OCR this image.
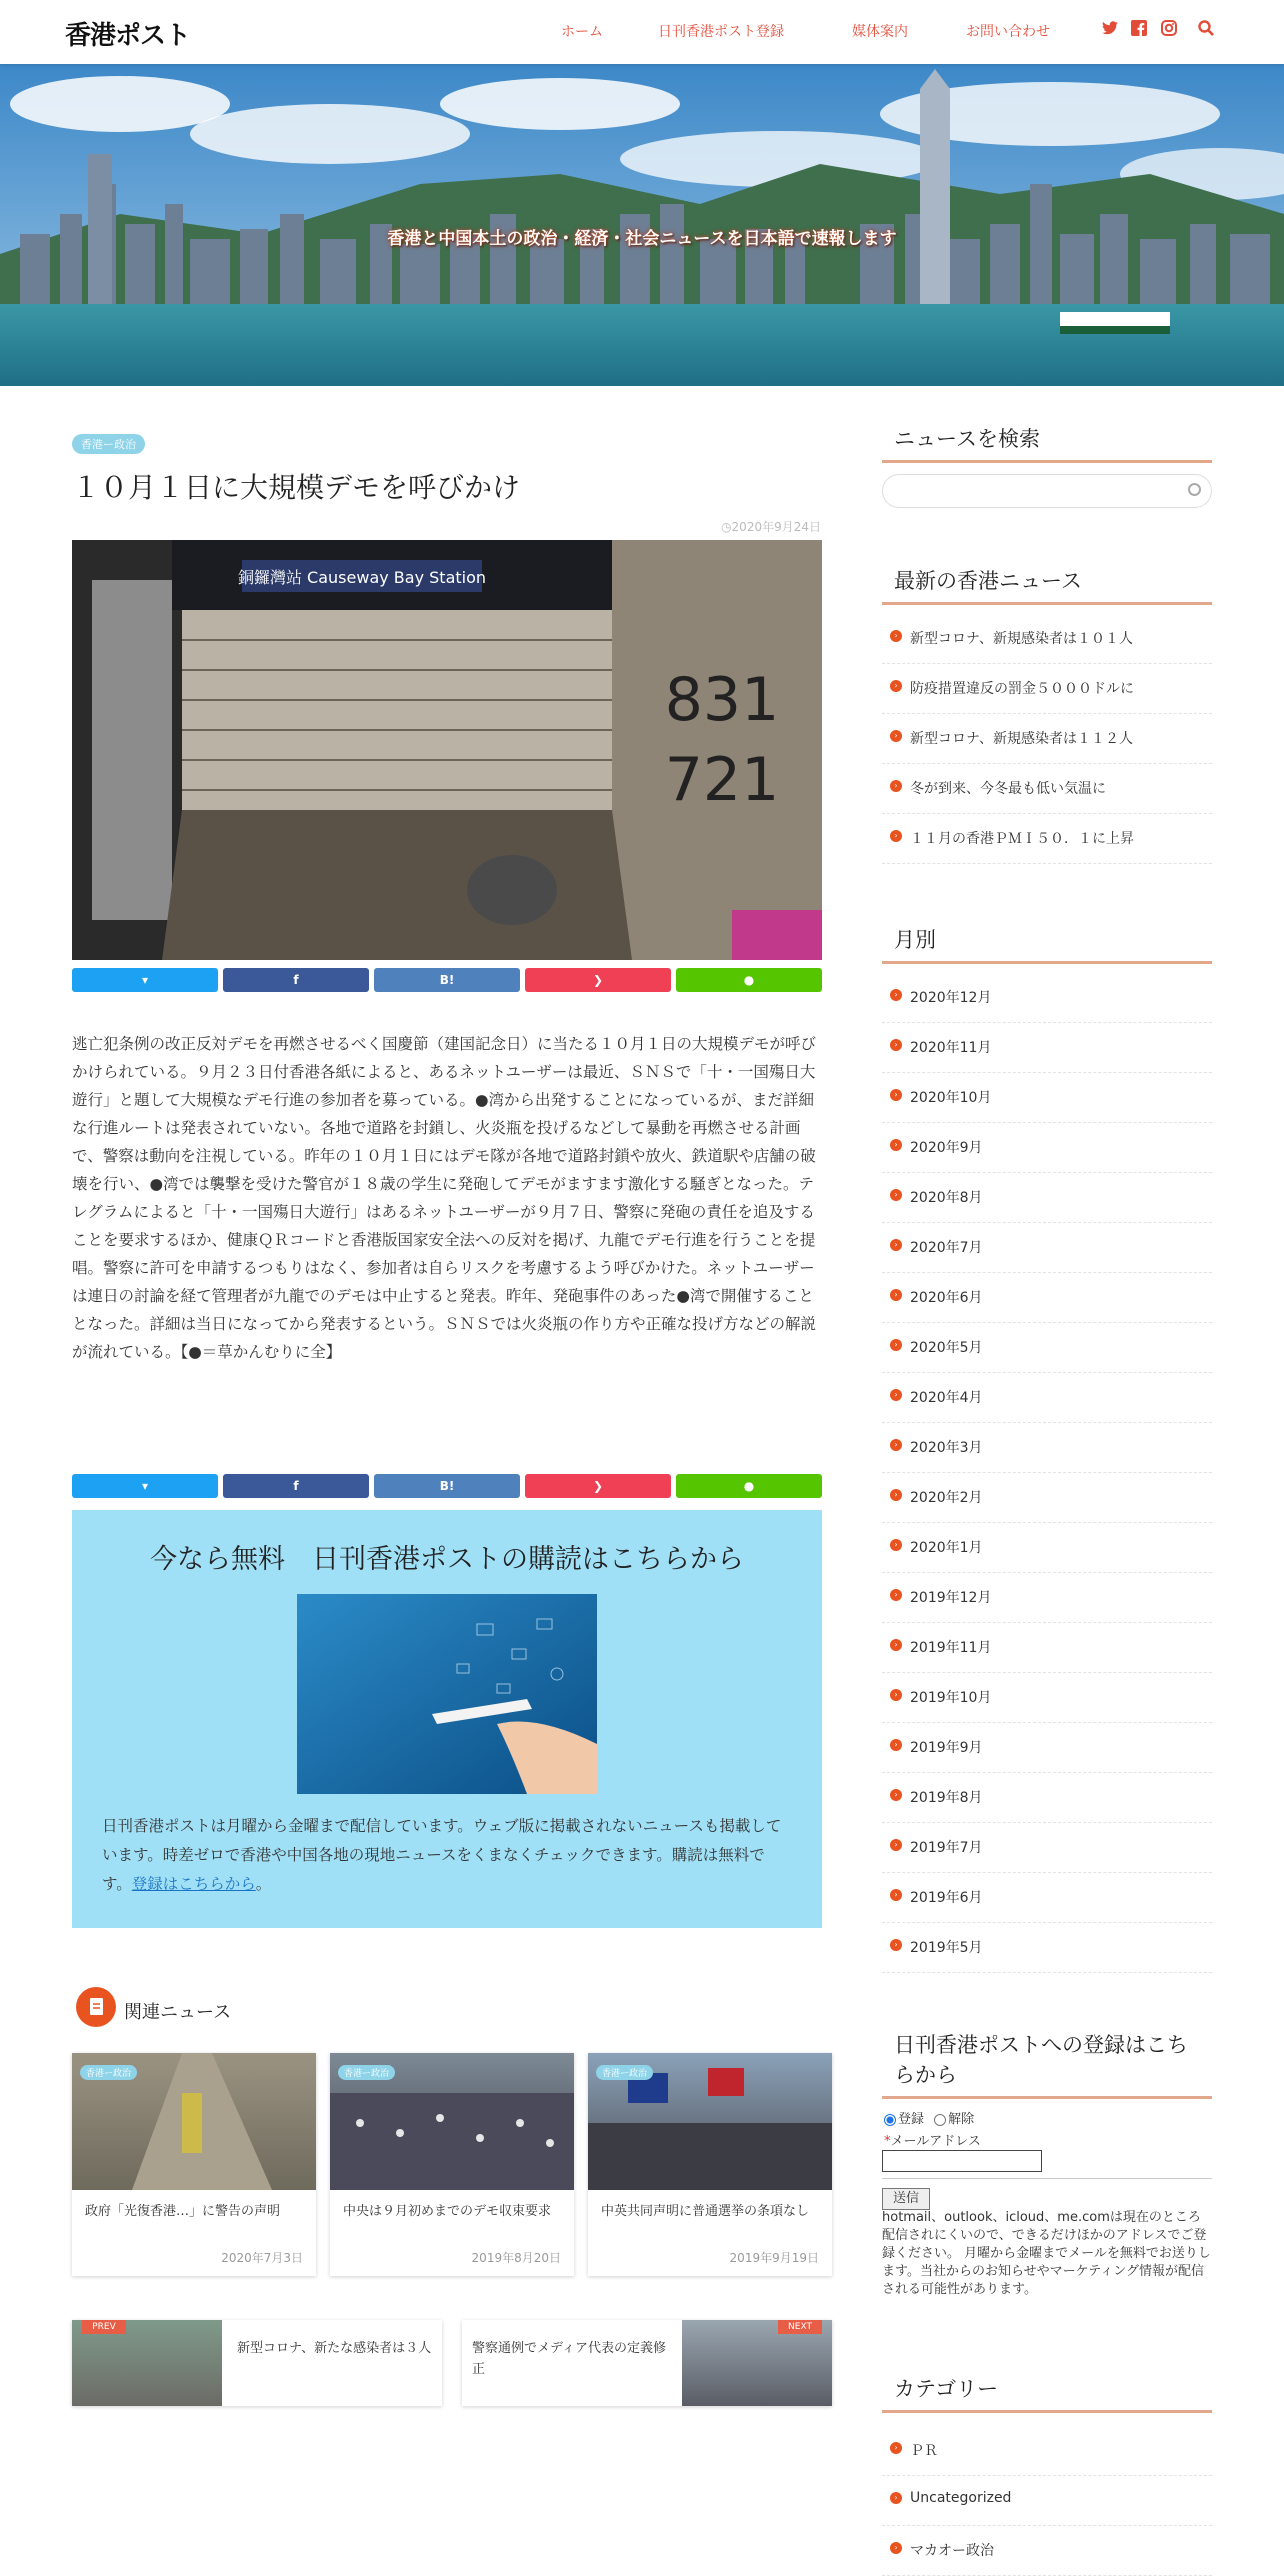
香港ポスト	ホーム	日刊香港ポスト登録	媒体案内	お問い合わせ
香港と中国本土の政治・経済・社会ニュースを日本語で速報します
香港ー政治
１０月１日に大規模デモを呼びかけ
◷2020年9月24日
銅鑼灣站 Causeway Bay Station
831
721
▾	f	B!	❯	●
逃亡犯条例の改正反対デモを再燃させるべく国慶節（建国記念日）に当たる１０月１日の大規模デモが呼びかけられている。９月２３日付香港各紙によると、あるネットユーザーは最近、ＳＮＳで「十・一国殤日大遊行」と題して大規模なデモ行進の参加者を募っている。●湾から出発することになっているが、まだ詳細な行進ルートは発表されていない。各地で道路を封鎖し、火炎瓶を投げるなどして暴動を再燃させる計画で、警察は動向を注視している。昨年の１０月１日にはデモ隊が各地で道路封鎖や放火、鉄道駅や店舗の破壊を行い、●湾では襲撃を受けた警官が１８歳の学生に発砲してデモがますます激化する騒ぎとなった。テレグラムによると「十・一国殤日大遊行」はあるネットユーザーが９月７日、警察に発砲の責任を追及することを要求するほか、健康ＱＲコードと香港版国家安全法への反対を掲げ、九龍でデモ行進を行うことを提唱。警察に許可を申請するつもりはなく、参加者は自らリスクを考慮するよう呼びかけた。ネットユーザーは連日の討論を経て管理者が九龍でのデモは中止すると発表。昨年、発砲事件のあった●湾で開催することとなった。詳細は当日になってから発表するという。ＳＮＳでは火炎瓶の作り方や正確な投げ方などの解説が流れている。【●＝草かんむりに全】
▾	f	B!	❯	●
今なら無料　日刊香港ポストの購読はこちらから
日刊香港ポストは月曜から金曜まで配信しています。ウェブ版に掲載されないニュースも掲載しています。時差ゼロで香港や中国各地の現地ニュースをくまなくチェックできます。購読は無料です。登録はこちらから。
関連ニュース
香港ー政治
政府「光復香港…」に警告の声明
2020年7月3日
香港ー政治
中央は９月初めまでのデモ収束要求
2019年8月20日
香港ー政治
中英共同声明に普通選挙の条項なし
2019年9月19日
PREV
新型コロナ、新たな感染者は３人
NEXT
警察通例でメディア代表の定義修正
ニュースを検索
最新の香港ニュース
› 新型コロナ、新規感染者は１０１人
› 防疫措置違反の罰金５０００ドルに
› 新型コロナ、新規感染者は１１２人
› 冬が到来、今冬最も低い気温に
› １１月の香港ＰＭＩ５０．１に上昇
月別
› 2020年12月
› 2020年11月
› 2020年10月
› 2020年9月
› 2020年8月
› 2020年7月
› 2020年6月
› 2020年5月
› 2020年4月
› 2020年3月
› 2020年2月
› 2020年1月
› 2019年12月
› 2019年11月
› 2019年10月
› 2019年9月
› 2019年8月
› 2019年7月
› 2019年6月
› 2019年5月
日刊香港ポストへの登録はこちらから
登録 解除
*メールアドレス
送信
hotmail、outlook、icloud、me.comは現在のところ配信されにくいので、できるだけほかのアドレスでご登録ください。 月曜から金曜までメールを無料でお送りします。当社からのお知らせやマーケティング情報が配信される可能性があります。
カテゴリー
› ＰＲ
› Uncategorized
› マカオー政治
